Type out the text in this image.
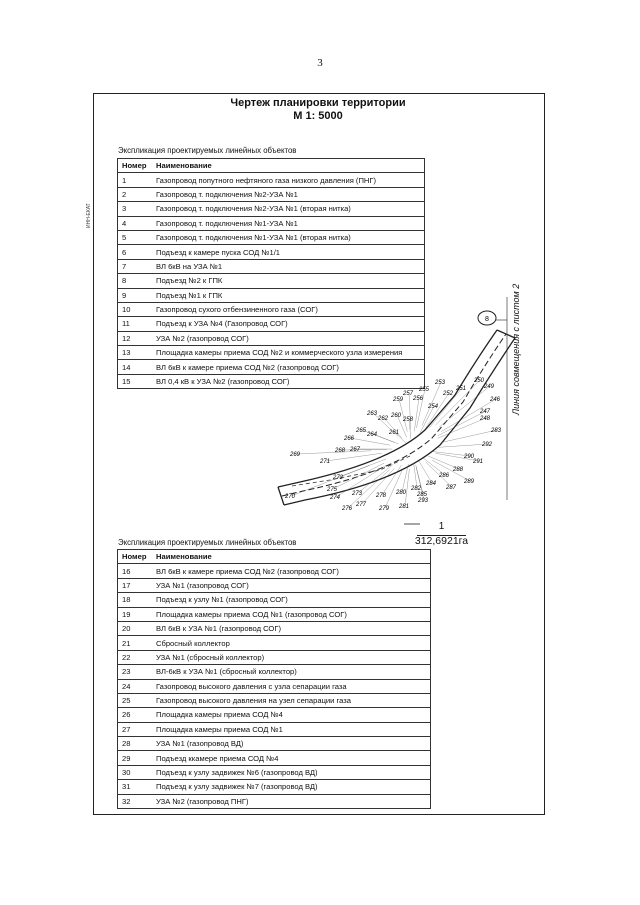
3
Чертеж планировки территории
М 1: 5000
ИНН-ЕКАТ
Экспликация проектируемых линейных объектов
Номер	Наименование
1	Газопровод попутного нефтяного газа низкого давления (ПНГ)
2	Газопровод т. подключения №2-УЗА №1
3	Газопровод т. подключения №2-УЗА №1 (вторая нитка)
4	Газопровод т. подключения №1-УЗА №1
5	Газопровод т. подключения №1-УЗА №1 (вторая нитка)
6	Подъезд к камере пуска СОД №1/1
7	ВЛ 6кВ на УЗА №1
8	Подъезд №2 к ГПК
9	Подъезд №1 к ГПК
10	Газопровод сухого отбензиненного газа (СОГ)
11	Подъезд к УЗА №4 (Газопровод СОГ)
12	УЗА №2 (газопровод СОГ)
13	Площадка камеры приема СОД №2 и коммерческого узла измерения
14	ВЛ 6кВ к камере приема СОД №2 (газопровод СОГ)
15	ВЛ 0,4 кВ к УЗА №2 (газопровод СОГ)
Экспликация проектируемых линейных объектов
Номер	Наименование
16	ВЛ 6кВ к камере приема СОД №2 (газопровод СОГ)
17	УЗА №1 (газопровод СОГ)
18	Подъезд к узлу №1 (газопровод СОГ)
19	Площадка камеры приема СОД №1 (газопровод СОГ)
20	ВЛ 6кВ к УЗА №1 (газопровод СОГ)
21	Сбросный коллектор
22	УЗА №1 (сбросный коллектор)
23	ВЛ-6кВ к УЗА №1 (сбросный коллектор)
24	Газопровод высокого давления с узла сепарации газа
25	Газопровод высокого давления на узел сепарации газа
26	Площадка камеры приема СОД №4
27	Площадка камеры приема СОД №1
28	УЗА №1 (газопровод ВД)
29	Подъезд ккамере приема СОД №4
30	Подъезд к узлу задвижек №6 (газопровод ВД)
31	Подъезд к узлу задвижек №7 (газопровод ВД)
32	УЗА №2 (газопровод ПНГ)
8
246
247
248
249
250
251
252
253
254
255
256
257
258
259
260
261
262
263
264
265
266
267
268
269
270
271
272
273
274
275
276
277
278
279
280
281
282
283
284
285
286
287
288
289
290
291
292
293
Линия совмещения с листом 2
1
312,6921га
